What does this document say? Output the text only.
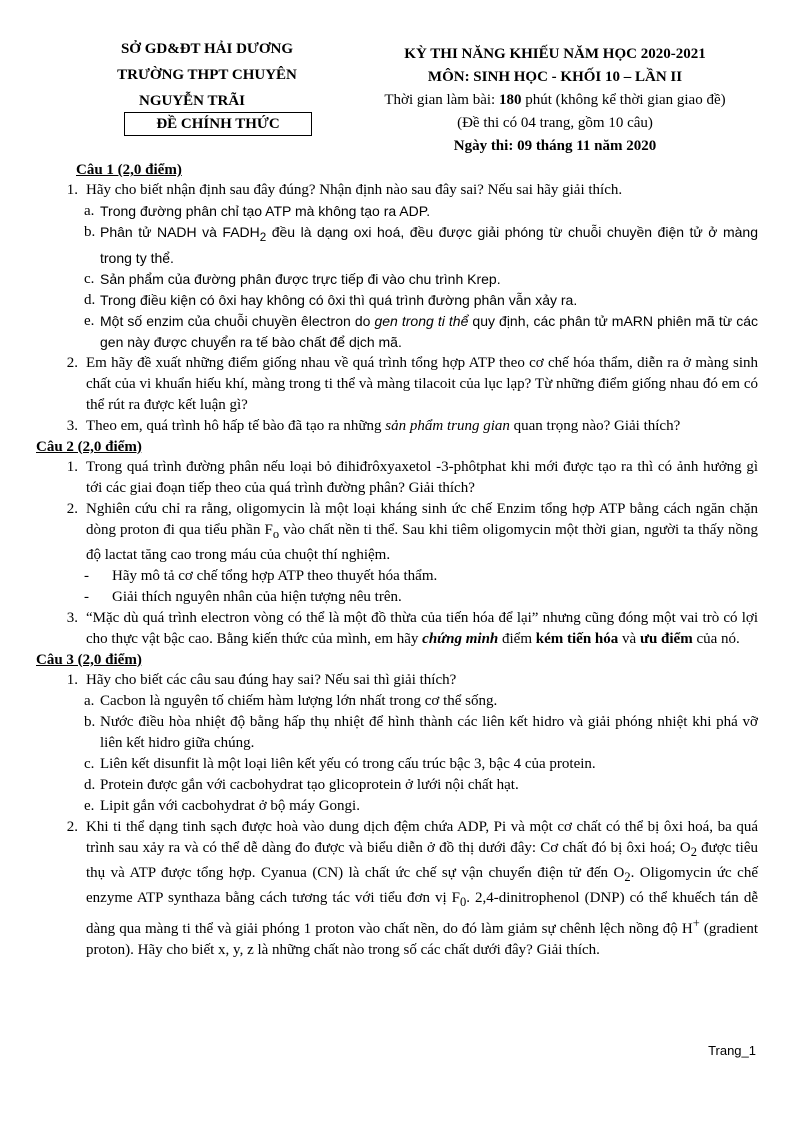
SỞ GD&ĐT HẢI DƯƠNG
TRƯỜNG THPT CHUYÊN

NGUYỄN TRÃI
ĐỀ CHÍNH THỨC
KỲ THI NĂNG KHIẾU NĂM HỌC 2020-2021
MÔN: SINH HỌC - KHỐI 10 – LẦN II
Thời gian làm bài: 180 phút (không kể thời gian giao đề)
(Đề thi có 04 trang, gồm 10 câu)
Ngày thi: 09 tháng 11 năm 2020

Câu 1 (2,0 điểm)

1. Hãy cho biết nhận định sau đây đúng? Nhận định nào sau đây sai? Nếu sai hãy giải thích.
a. Trong đường phân chỉ tạo ATP mà không tạo ra ADP.
b. Phân tử NADH và $FADH_2$ đều là dạng oxi hoá, đều được giải phóng từ chuỗi chuyền điện tử ở màng trong ty thể.
c. Sản phẩm của đường phân được trực tiếp đi vào chu trình Krep.
d. Trong điều kiện có ôxi hay không có ôxi thì quá trình đường phân vẫn xảy ra.
e. Một số enzim của chuỗi chuyền êlectron do gen trong ti thể quy định, các phân tử mARN phiên mã từ các gen này được chuyển ra tế bào chất để dịch mã.
2. Em hãy đề xuất những điểm giống nhau về quá trình tổng hợp ATP theo cơ chế hóa thẩm, diễn ra ở màng sinh chất của vi khuẩn hiếu khí, màng trong ti thể và màng tilacoit của lục lạp? Từ những điểm giống nhau đó em có thể rút ra được kết luận gì?
3. Theo em, quá trình hô hấp tế bào đã tạo ra những sản phẩm trung gian quan trọng nào? Giải thích?

Câu 2 (2,0 điểm)

1. Trong quá trình đường phân nếu loại bỏ đihiđrôxyaxetol -3-phôtphat khi mới được tạo ra thì có ảnh hưởng gì tới các giai đoạn tiếp theo của quá trình đường phân? Giải thích?
2. Nghiên cứu chỉ ra rằng, oligomycin là một loại kháng sinh ức chế Enzim tổng hợp ATP bằng cách ngăn chặn dòng proton đi qua tiểu phần $F_o$ vào chất nền ti thể. Sau khi tiêm oligomycin một thời gian, người ta thấy nồng độ lactat tăng cao trong máu của chuột thí nghiệm.
-	Hãy mô tả cơ chế tổng hợp ATP theo thuyết hóa thẩm.
-	Giải thích nguyên nhân của hiện tượng nêu trên.
3. “Mặc dù quá trình electron vòng có thể là một đồ thừa của tiến hóa để lại” nhưng cũng đóng một vai trò có lợi cho thực vật bậc cao. Bằng kiến thức của mình, em hãy chứng minh điểm kém tiến hóa và ưu điểm của nó.

Câu 3 (2,0 điểm)

1. Hãy cho biết các câu sau đúng hay sai? Nếu sai thì giải thích?
a. Cacbon là nguyên tố chiếm hàm lượng lớn nhất trong cơ thể sống.
b. Nước điều hòa nhiệt độ bằng hấp thụ nhiệt để hình thành các liên kết hidro và giải phóng nhiệt khi phá vỡ liên kết hidro giữa chúng.
c. Liên kết disunfit là một loại liên kết yếu có trong cấu trúc bậc 3, bậc 4 của protein.
d. Protein được gắn với cacbohydrat tạo glicoprotein ở lưới nội chất hạt.
e. Lipit gắn với cacbohydrat ở bộ máy Gongi.
2. Khi ti thể dạng tinh sạch được hoà vào dung dịch đệm chứa ADP, Pi và một cơ chất có thể bị ôxi hoá, ba quá trình sau xảy ra và có thể dễ dàng đo được và biểu diễn ở đồ thị dưới đây: Cơ chất đó bị ôxi hoá; $O_2$ được tiêu thụ và ATP được tổng hợp. Cyanua (CN) là chất ức chế sự vận chuyển điện tử đến $O_2$. Oligomycin ức chế enzyme ATP synthaza bằng cách tương tác với tiểu đơn vị $F_0$. 2,4-dinitrophenol (DNP) có thể khuếch tán dễ dàng qua màng ti thể và giải phóng 1 proton vào chất nền, do đó làm giảm sự chênh lệch nồng độ H+ (gradient proton). Hãy cho biết x, y, z là những chất nào trong số các chất dưới đây? Giải thích.
Trang_1
